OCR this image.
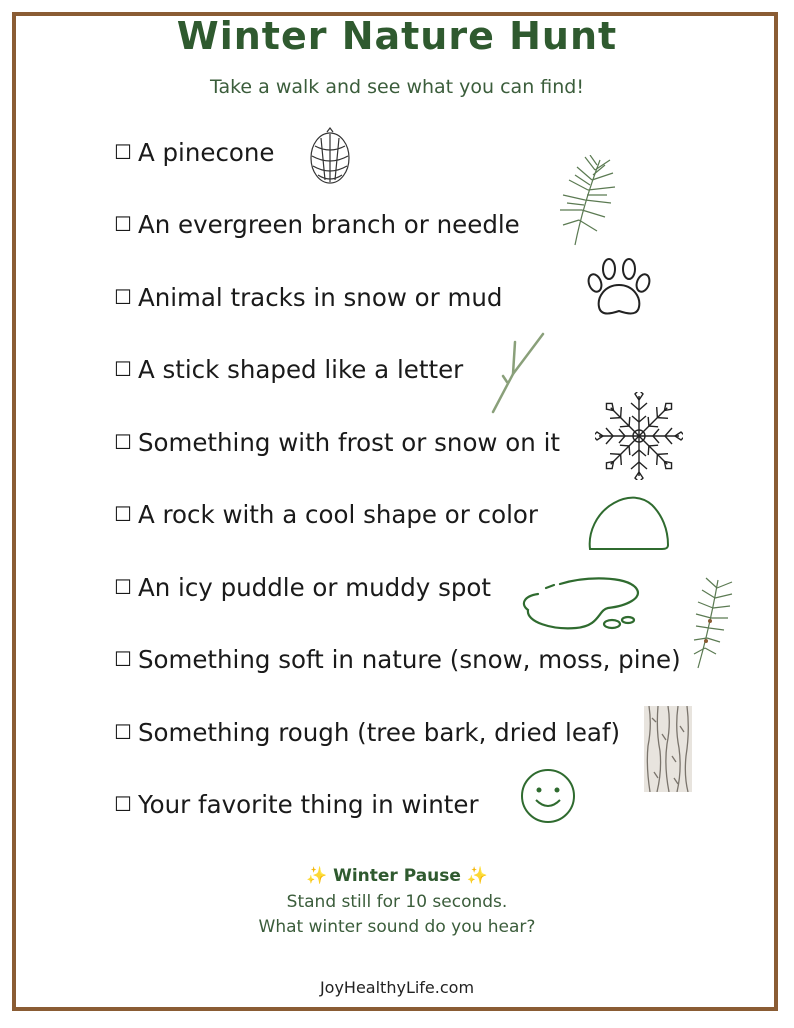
Winter Nature Hunt
Take a walk and see what you can find!
☐ A pinecone
☐ An evergreen branch or needle
☐ Animal tracks in snow or mud
☐ A stick shaped like a letter
☐ Something with frost or snow on it
☐ A rock with a cool shape or color
☐ An icy puddle or muddy spot
☐ Something soft in nature (snow, moss, pine)
☐ Something rough (tree bark, dried leaf)
☐ Your favorite thing in winter
✨ Winter Pause ✨
Stand still for 10 seconds.
What winter sound do you hear?
JoyHealthyLife.com
